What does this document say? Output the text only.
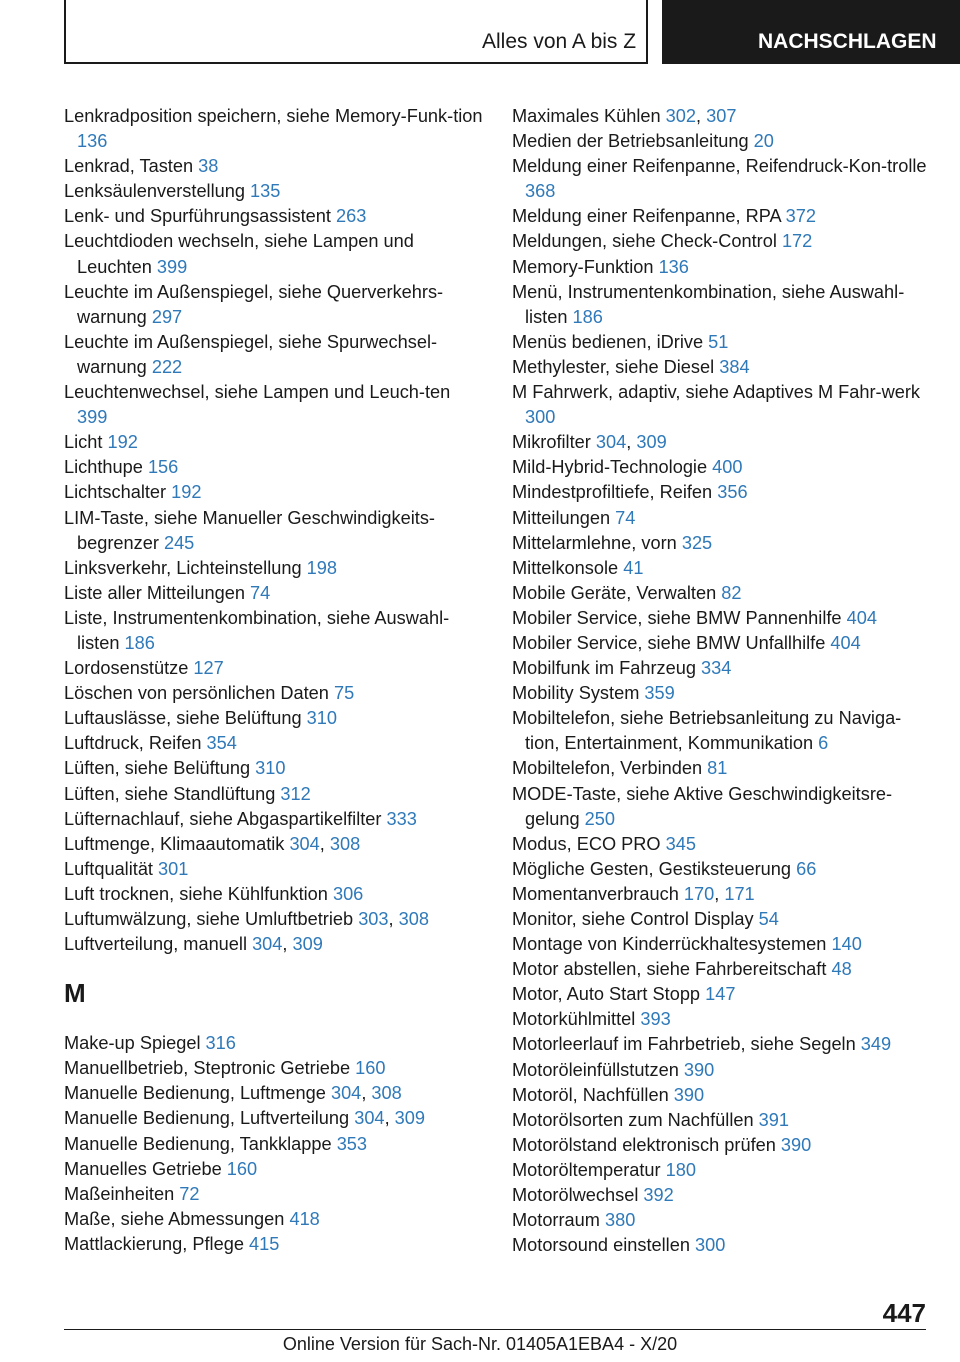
Alles von A bis Z	NACHSCHLAGEN
Lenkradposition speichern, siehe Memory-Funk-tion 136
Lenkrad, Tasten 38
Lenksäulenverstellung 135
Lenk- und Spurführungsassistent 263
Leuchtdioden wechseln, siehe Lampen und Leuchten 399
Leuchte im Außenspiegel, siehe Querverkehrs-warnung 297
Leuchte im Außenspiegel, siehe Spurwechsel-warnung 222
Leuchtenwechsel, siehe Lampen und Leuch-ten 399
Licht 192
Lichthupe 156
Lichtschalter 192
LIM-Taste, siehe Manueller Geschwindigkeits-begrenzer 245
Linksverkehr, Lichteinstellung 198
Liste aller Mitteilungen 74
Liste, Instrumentenkombination, siehe Auswahl-listen 186
Lordosenstütze 127
Löschen von persönlichen Daten 75
Luftauslässe, siehe Belüftung 310
Luftdruck, Reifen 354
Lüften, siehe Belüftung 310
Lüften, siehe Standlüftung 312
Lüfternachlauf, siehe Abgaspartikelfilter 333
Luftmenge, Klimaautomatik 304, 308
Luftqualität 301
Luft trocknen, siehe Kühlfunktion 306
Luftumwälzung, siehe Umluftbetrieb 303, 308
Luftverteilung, manuell 304, 309
M
Make-up Spiegel 316
Manuellbetrieb, Steptronic Getriebe 160
Manuelle Bedienung, Luftmenge 304, 308
Manuelle Bedienung, Luftverteilung 304, 309
Manuelle Bedienung, Tankklappe 353
Manuelles Getriebe 160
Maßeinheiten 72
Maße, siehe Abmessungen 418
Mattlackierung, Pflege 415
Maximales Kühlen 302, 307
Medien der Betriebsanleitung 20
Meldung einer Reifenpanne, Reifendruck-Kon-trolle 368
Meldung einer Reifenpanne, RPA 372
Meldungen, siehe Check-Control 172
Memory-Funktion 136
Menü, Instrumentenkombination, siehe Auswahl-listen 186
Menüs bedienen, iDrive 51
Methylester, siehe Diesel 384
M Fahrwerk, adaptiv, siehe Adaptives M Fahr-werk 300
Mikrofilter 304, 309
Mild-Hybrid-Technologie 400
Mindestprofiltiefe, Reifen 356
Mitteilungen 74
Mittelarmlehne, vorn 325
Mittelkonsole 41
Mobile Geräte, Verwalten 82
Mobiler Service, siehe BMW Pannenhilfe 404
Mobiler Service, siehe BMW Unfallhilfe 404
Mobilfunk im Fahrzeug 334
Mobility System 359
Mobiltelefon, siehe Betriebsanleitung zu Naviga-tion, Entertainment, Kommunikation 6
Mobiltelefon, Verbinden 81
MODE-Taste, siehe Aktive Geschwindigkeitsre-gelung 250
Modus, ECO PRO 345
Mögliche Gesten, Gestiksteuerung 66
Momentanverbrauch 170, 171
Monitor, siehe Control Display 54
Montage von Kinderrückhaltesystemen 140
Motor abstellen, siehe Fahrbereitschaft 48
Motor, Auto Start Stopp 147
Motorkühlmittel 393
Motorleerlauf im Fahrbetrieb, siehe Segeln 349
Motoröleinfüllstutzen 390
Motoröl, Nachfüllen 390
Motorölsorten zum Nachfüllen 391
Motorölstand elektronisch prüfen 390
Motoröltemperatur 180
Motorölwechsel 392
Motorraum 380
Motorsound einstellen 300
447
Online Version für Sach-Nr. 01405A1EBA4 - X/20
